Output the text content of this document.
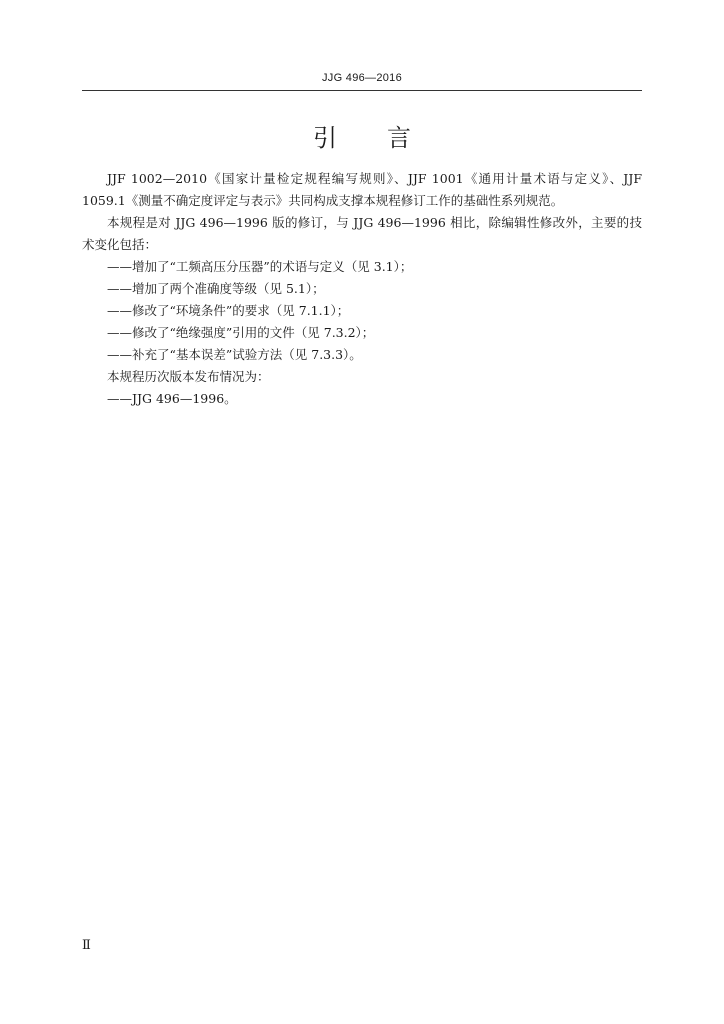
JJG 496—2016
引言

JJF 1002—2010《国家计量检定规程编写规则》、JJF 1001《通用计量术语与定义》、JJF 1059.1《测量不确定度评定与表示》共同构成支撑本规程修订工作的基础性系列规范。

本规程是对 JJG 496—1996 版的修订，与 JJG 496—1996 相比，除编辑性修改外，主要的技术变化包括：

——增加了“工频高压分压器”的术语与定义（见 3.1）；

——增加了两个准确度等级（见 5.1）；

——修改了“环境条件”的要求（见 7.1.1）；

——修改了“绝缘强度”引用的文件（见 7.3.2）；

——补充了“基本误差”试验方法（见 7.3.3）。

本规程历次版本发布情况为：

——JJG 496—1996。

Ⅱ
